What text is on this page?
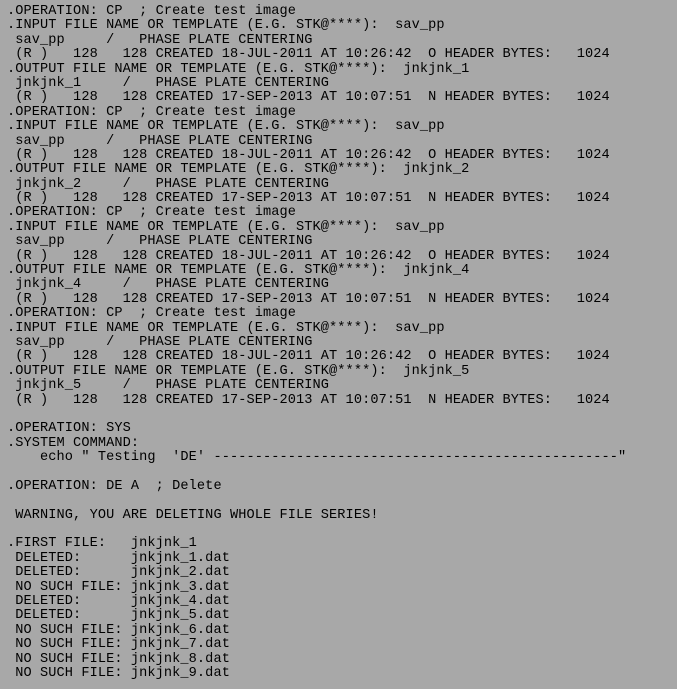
.OPERATION: CP  ; Create test image
.INPUT FILE NAME OR TEMPLATE (E.G. STK@****):  sav_pp
sav_pp     /   PHASE PLATE CENTERING
(R )   128   128 CREATED 18-JUL-2011 AT 10:26:42  O HEADER BYTES:   1024
.OUTPUT FILE NAME OR TEMPLATE (E.G. STK@****):  jnkjnk_1
jnkjnk_1     /   PHASE PLATE CENTERING
(R )   128   128 CREATED 17-SEP-2013 AT 10:07:51  N HEADER BYTES:   1024
.OPERATION: CP  ; Create test image
.INPUT FILE NAME OR TEMPLATE (E.G. STK@****):  sav_pp
sav_pp     /   PHASE PLATE CENTERING
(R )   128   128 CREATED 18-JUL-2011 AT 10:26:42  O HEADER BYTES:   1024
.OUTPUT FILE NAME OR TEMPLATE (E.G. STK@****):  jnkjnk_2
jnkjnk_2     /   PHASE PLATE CENTERING
(R )   128   128 CREATED 17-SEP-2013 AT 10:07:51  N HEADER BYTES:   1024
.OPERATION: CP  ; Create test image
.INPUT FILE NAME OR TEMPLATE (E.G. STK@****):  sav_pp
sav_pp     /   PHASE PLATE CENTERING
(R )   128   128 CREATED 18-JUL-2011 AT 10:26:42  O HEADER BYTES:   1024
.OUTPUT FILE NAME OR TEMPLATE (E.G. STK@****):  jnkjnk_4
jnkjnk_4     /   PHASE PLATE CENTERING
(R )   128   128 CREATED 17-SEP-2013 AT 10:07:51  N HEADER BYTES:   1024
.OPERATION: CP  ; Create test image
.INPUT FILE NAME OR TEMPLATE (E.G. STK@****):  sav_pp
sav_pp     /   PHASE PLATE CENTERING
(R )   128   128 CREATED 18-JUL-2011 AT 10:26:42  O HEADER BYTES:   1024
.OUTPUT FILE NAME OR TEMPLATE (E.G. STK@****):  jnkjnk_5
jnkjnk_5     /   PHASE PLATE CENTERING
(R )   128   128 CREATED 17-SEP-2013 AT 10:07:51  N HEADER BYTES:   1024
.OPERATION: SYS
.SYSTEM COMMAND:
echo " Testing  'DE' -------------------------------------------------"
.OPERATION: DE A  ; Delete
WARNING, YOU ARE DELETING WHOLE FILE SERIES!
.FIRST FILE:   jnkjnk_1
DELETED:      jnkjnk_1.dat
DELETED:      jnkjnk_2.dat
NO SUCH FILE: jnkjnk_3.dat
DELETED:      jnkjnk_4.dat
DELETED:      jnkjnk_5.dat
NO SUCH FILE: jnkjnk_6.dat
NO SUCH FILE: jnkjnk_7.dat
NO SUCH FILE: jnkjnk_8.dat
NO SUCH FILE: jnkjnk_9.dat
